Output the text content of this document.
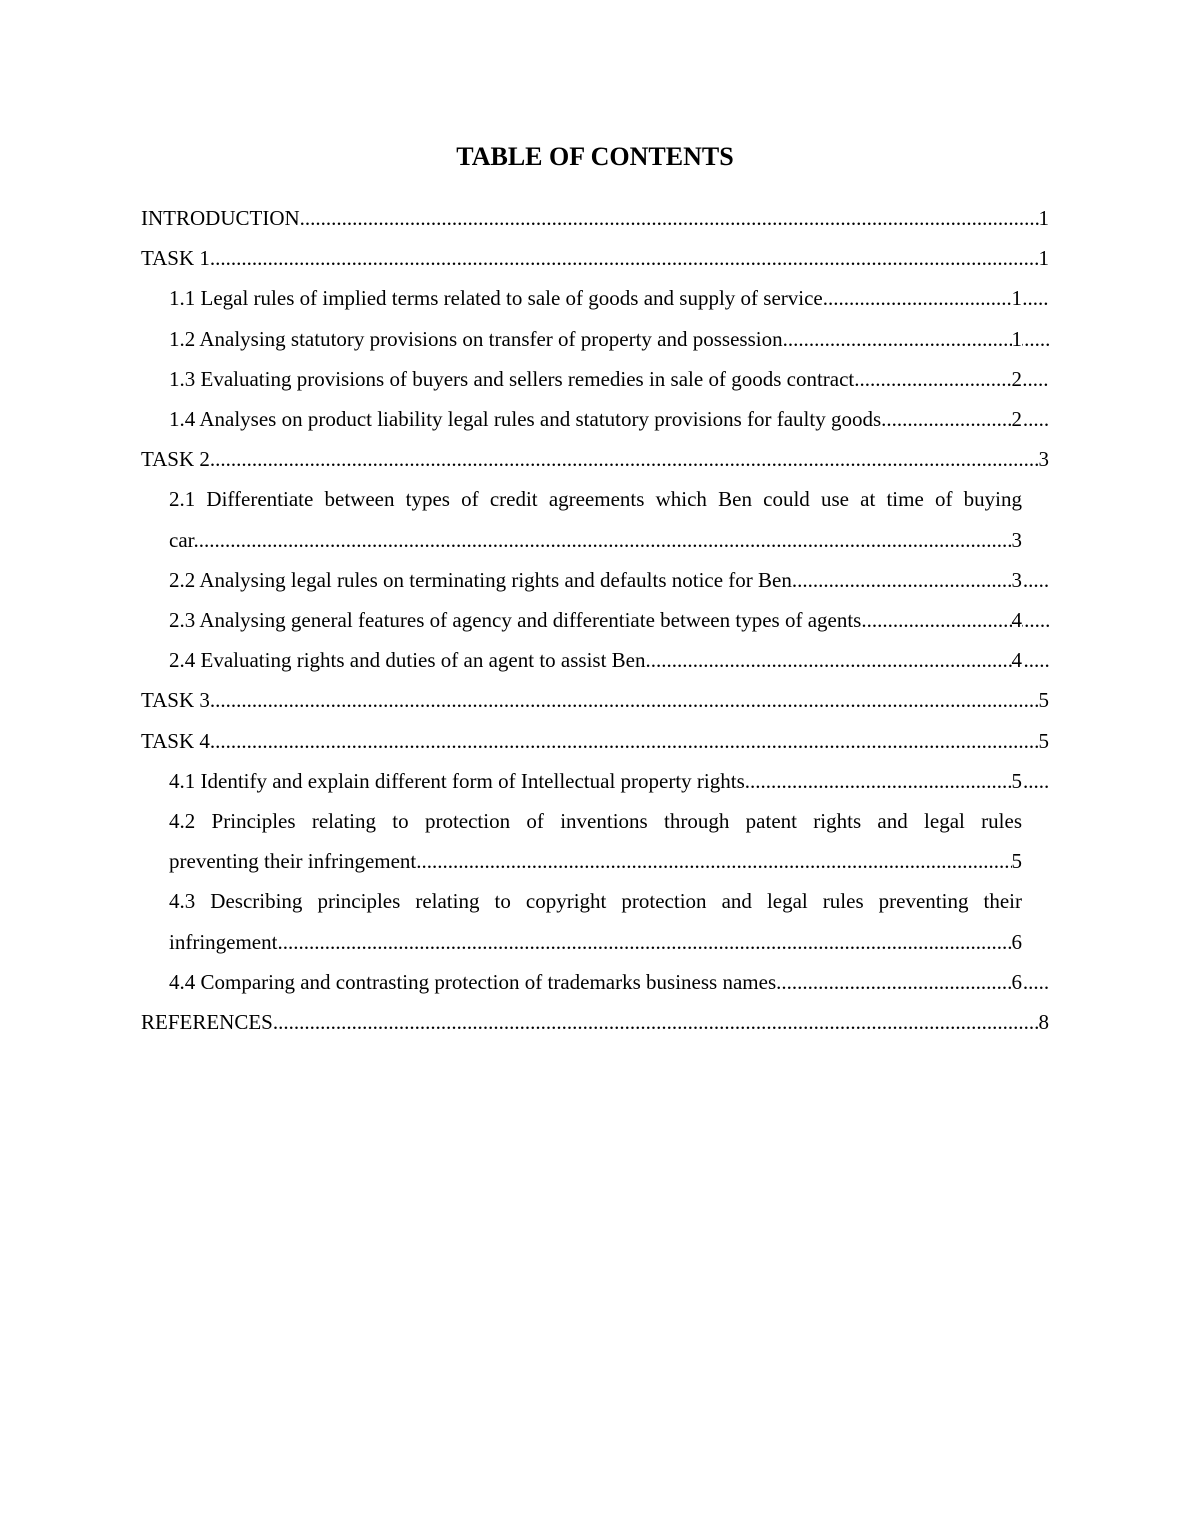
TABLE OF CONTENTS
INTRODUCTION .....	1
TASK 1 .....	1
1.1 Legal rules of implied terms related to sale of goods and supply of service .....	1
1.2 Analysing statutory provisions on transfer of property and possession. .....	1
1.3 Evaluating provisions of buyers and sellers remedies in sale of goods contract. .....	2
1.4 Analyses on product liability legal rules and statutory provisions for faulty goods. .....	2
TASK 2 .....	3
2.1 Differentiate between types of credit agreements which Ben could use at time of buying
car .....	3
2.2 Analysing legal rules on terminating rights and defaults notice for Ben. .....	3
2.3 Analysing general features of agency and differentiate between types of agents .....	4
2.4 Evaluating rights and duties of an agent to assist Ben. .....	4
TASK 3 .....	5
TASK 4 .....	5
4.1 Identify and explain different form of Intellectual property rights .....	5
4.2 Principles relating to protection of inventions through patent rights and legal rules
preventing their infringement. .....	5
4.3 Describing principles relating to copyright protection and legal rules preventing their
infringement. .....	6
4.4 Comparing and contrasting protection of trademarks business names. .....	6
REFERENCES .....	8
